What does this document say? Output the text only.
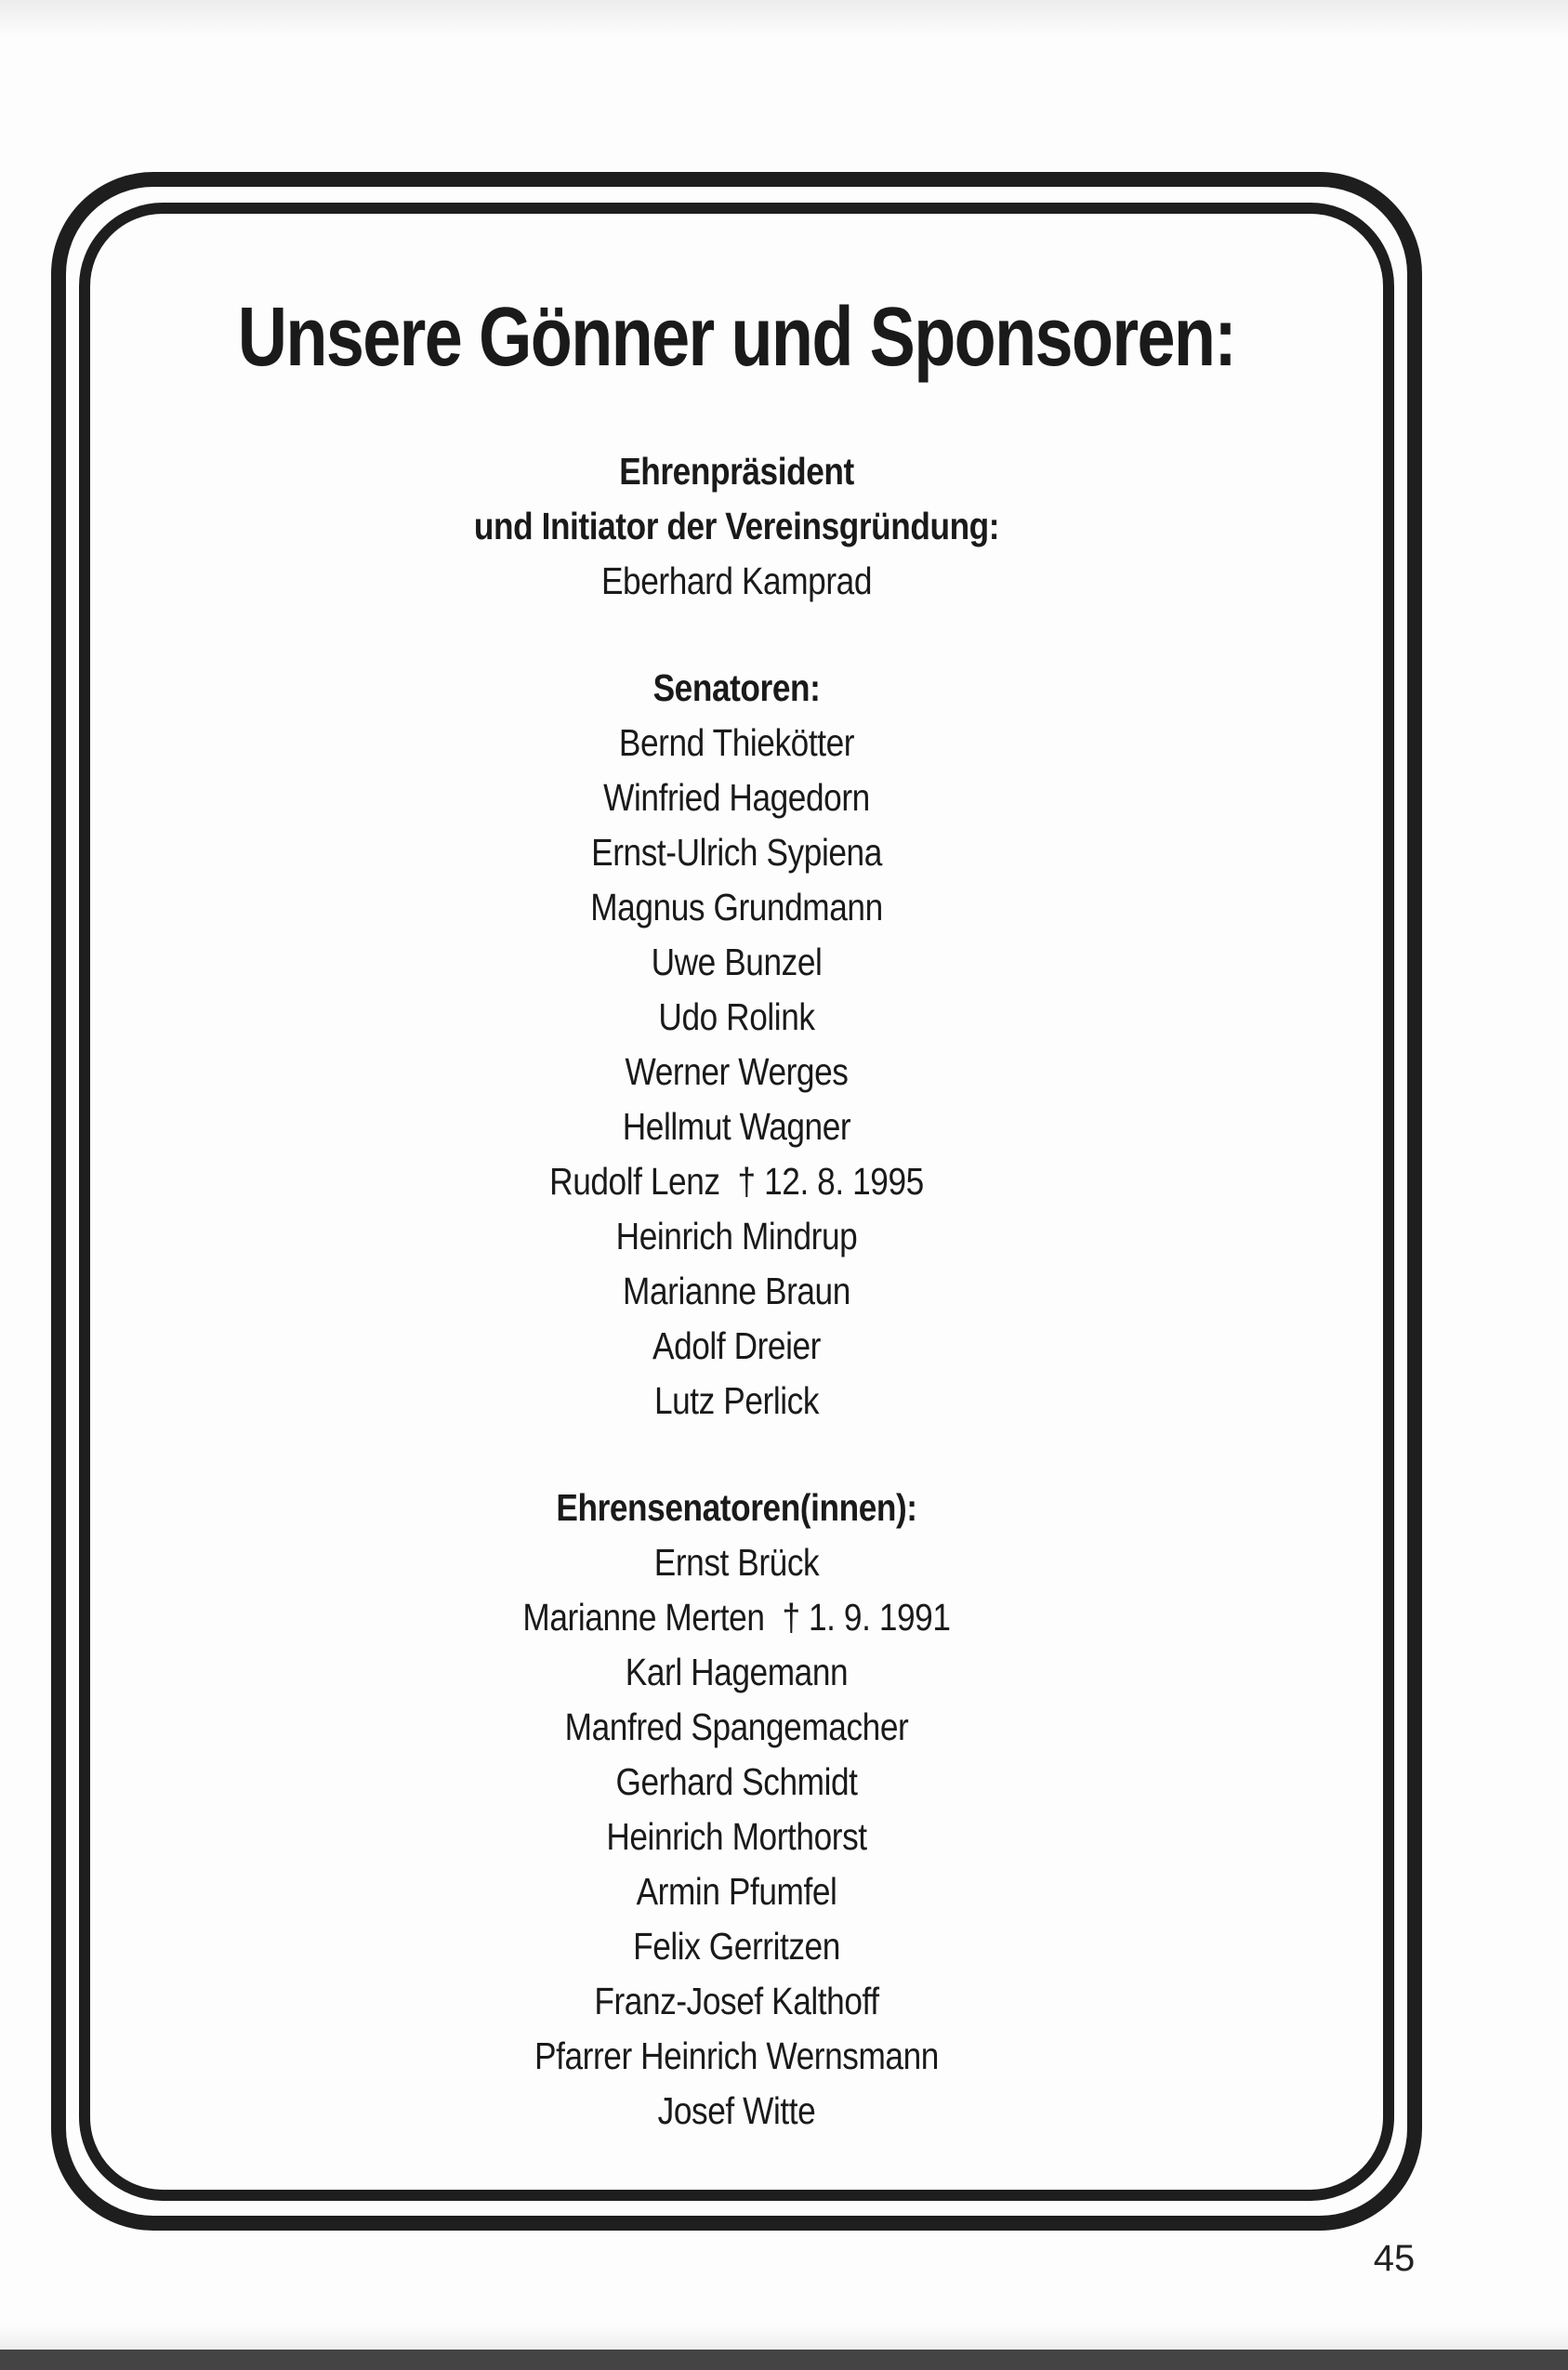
Unsere Gönner und Sponsoren:
Ehrenpräsident
und Initiator der Vereinsgründung:
Eberhard Kamprad
Senatoren:
Bernd Thiekötter
Winfried Hagedorn
Ernst-Ulrich Sypiena
Magnus Grundmann
Uwe Bunzel
Udo Rolink
Werner Werges
Hellmut Wagner
Rudolf Lenz † 12. 8. 1995
Heinrich Mindrup
Marianne Braun
Adolf Dreier
Lutz Perlick
Ehrensenatoren(innen):
Ernst Brück
Marianne Merten † 1. 9. 1991
Karl Hagemann
Manfred Spangemacher
Gerhard Schmidt
Heinrich Morthorst
Armin Pfumfel
Felix Gerritzen
Franz-Josef Kalthoff
Pfarrer Heinrich Wernsmann
Josef Witte
45
